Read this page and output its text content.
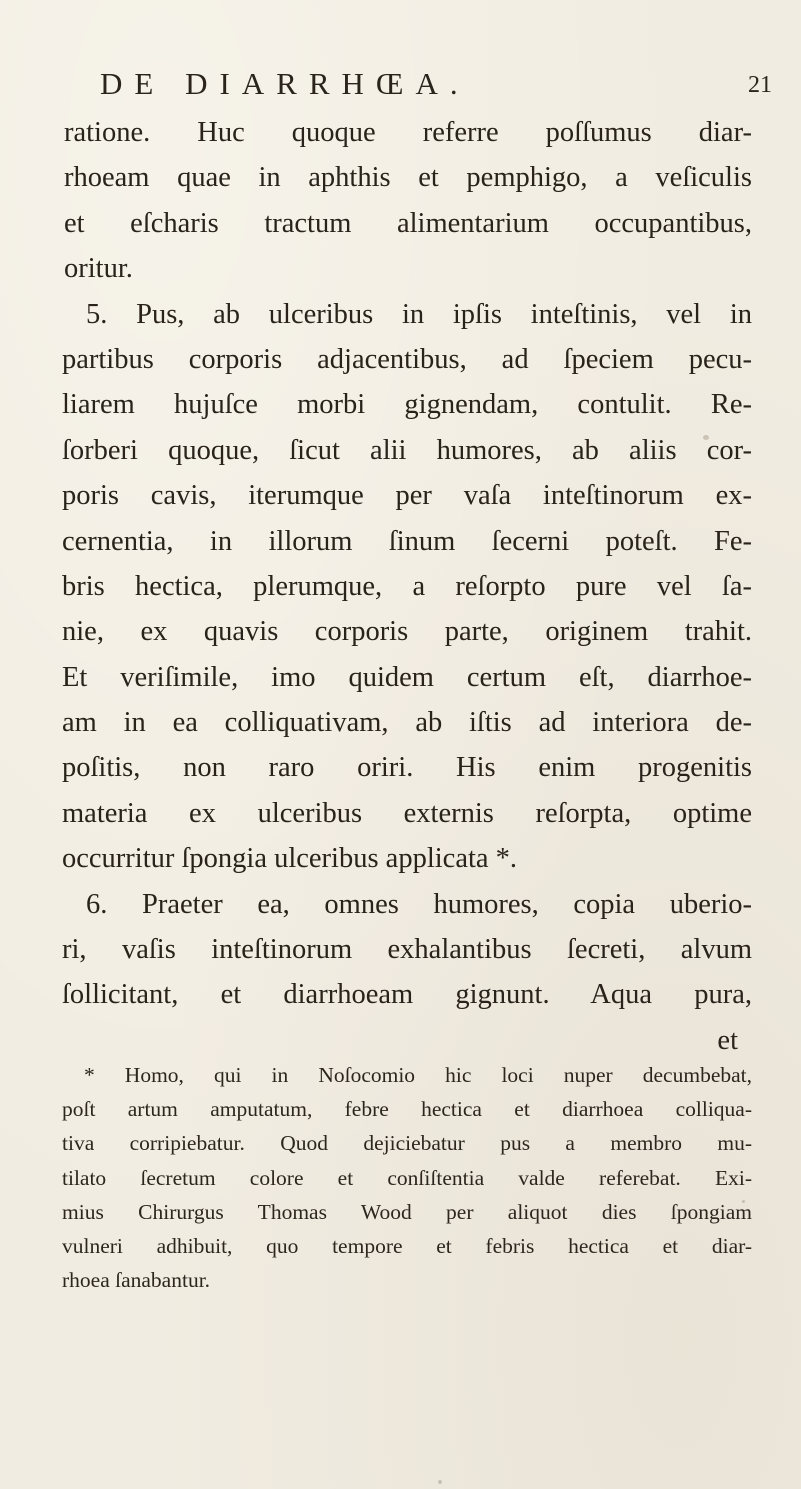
DE DIARRHŒA.	21
ratione. Huc quoque referre poſſumus diar-
rhoeam quae in aphthis et pemphigo, a veſiculis
et eſcharis tractum alimentarium occupantibus,
oritur.
5. Pus, ab ulceribus in ipſis inteſtinis, vel in
partibus corporis adjacentibus, ad ſpeciem pecu-
liarem hujuſce morbi gignendam, contulit. Re-
ſorberi quoque, ſicut alii humores, ab aliis cor-
poris cavis, iterumque per vaſa inteſtinorum ex-
cernentia, in illorum ſinum ſecerni poteſt. Fe-
bris hectica, plerumque, a reſorpto pure vel ſa-
nie, ex quavis corporis parte, originem trahit.
Et veriſimile, imo quidem certum eſt, diarrhoe-
am in ea colliquativam, ab iſtis ad interiora de-
poſitis, non raro oriri. His enim progenitis
materia ex ulceribus externis reſorpta, optime
occurritur ſpongia ulceribus applicata *.
6. Praeter ea, omnes humores, copia uberio-
ri, vaſis inteſtinorum exhalantibus ſecreti, alvum
ſollicitant, et diarrhoeam gignunt. Aqua pura,
et
* Homo, qui in Noſocomio hic loci nuper decumbebat,
poſt artum amputatum, febre hectica et diarrhoea colliqua-
tiva corripiebatur. Quod dejiciebatur pus a membro mu-
tilato ſecretum colore et conſiſtentia valde referebat. Exi-
mius Chirurgus Thomas Wood per aliquot dies ſpongiam
vulneri adhibuit, quo tempore et febris hectica et diar-
rhoea ſanabantur.
